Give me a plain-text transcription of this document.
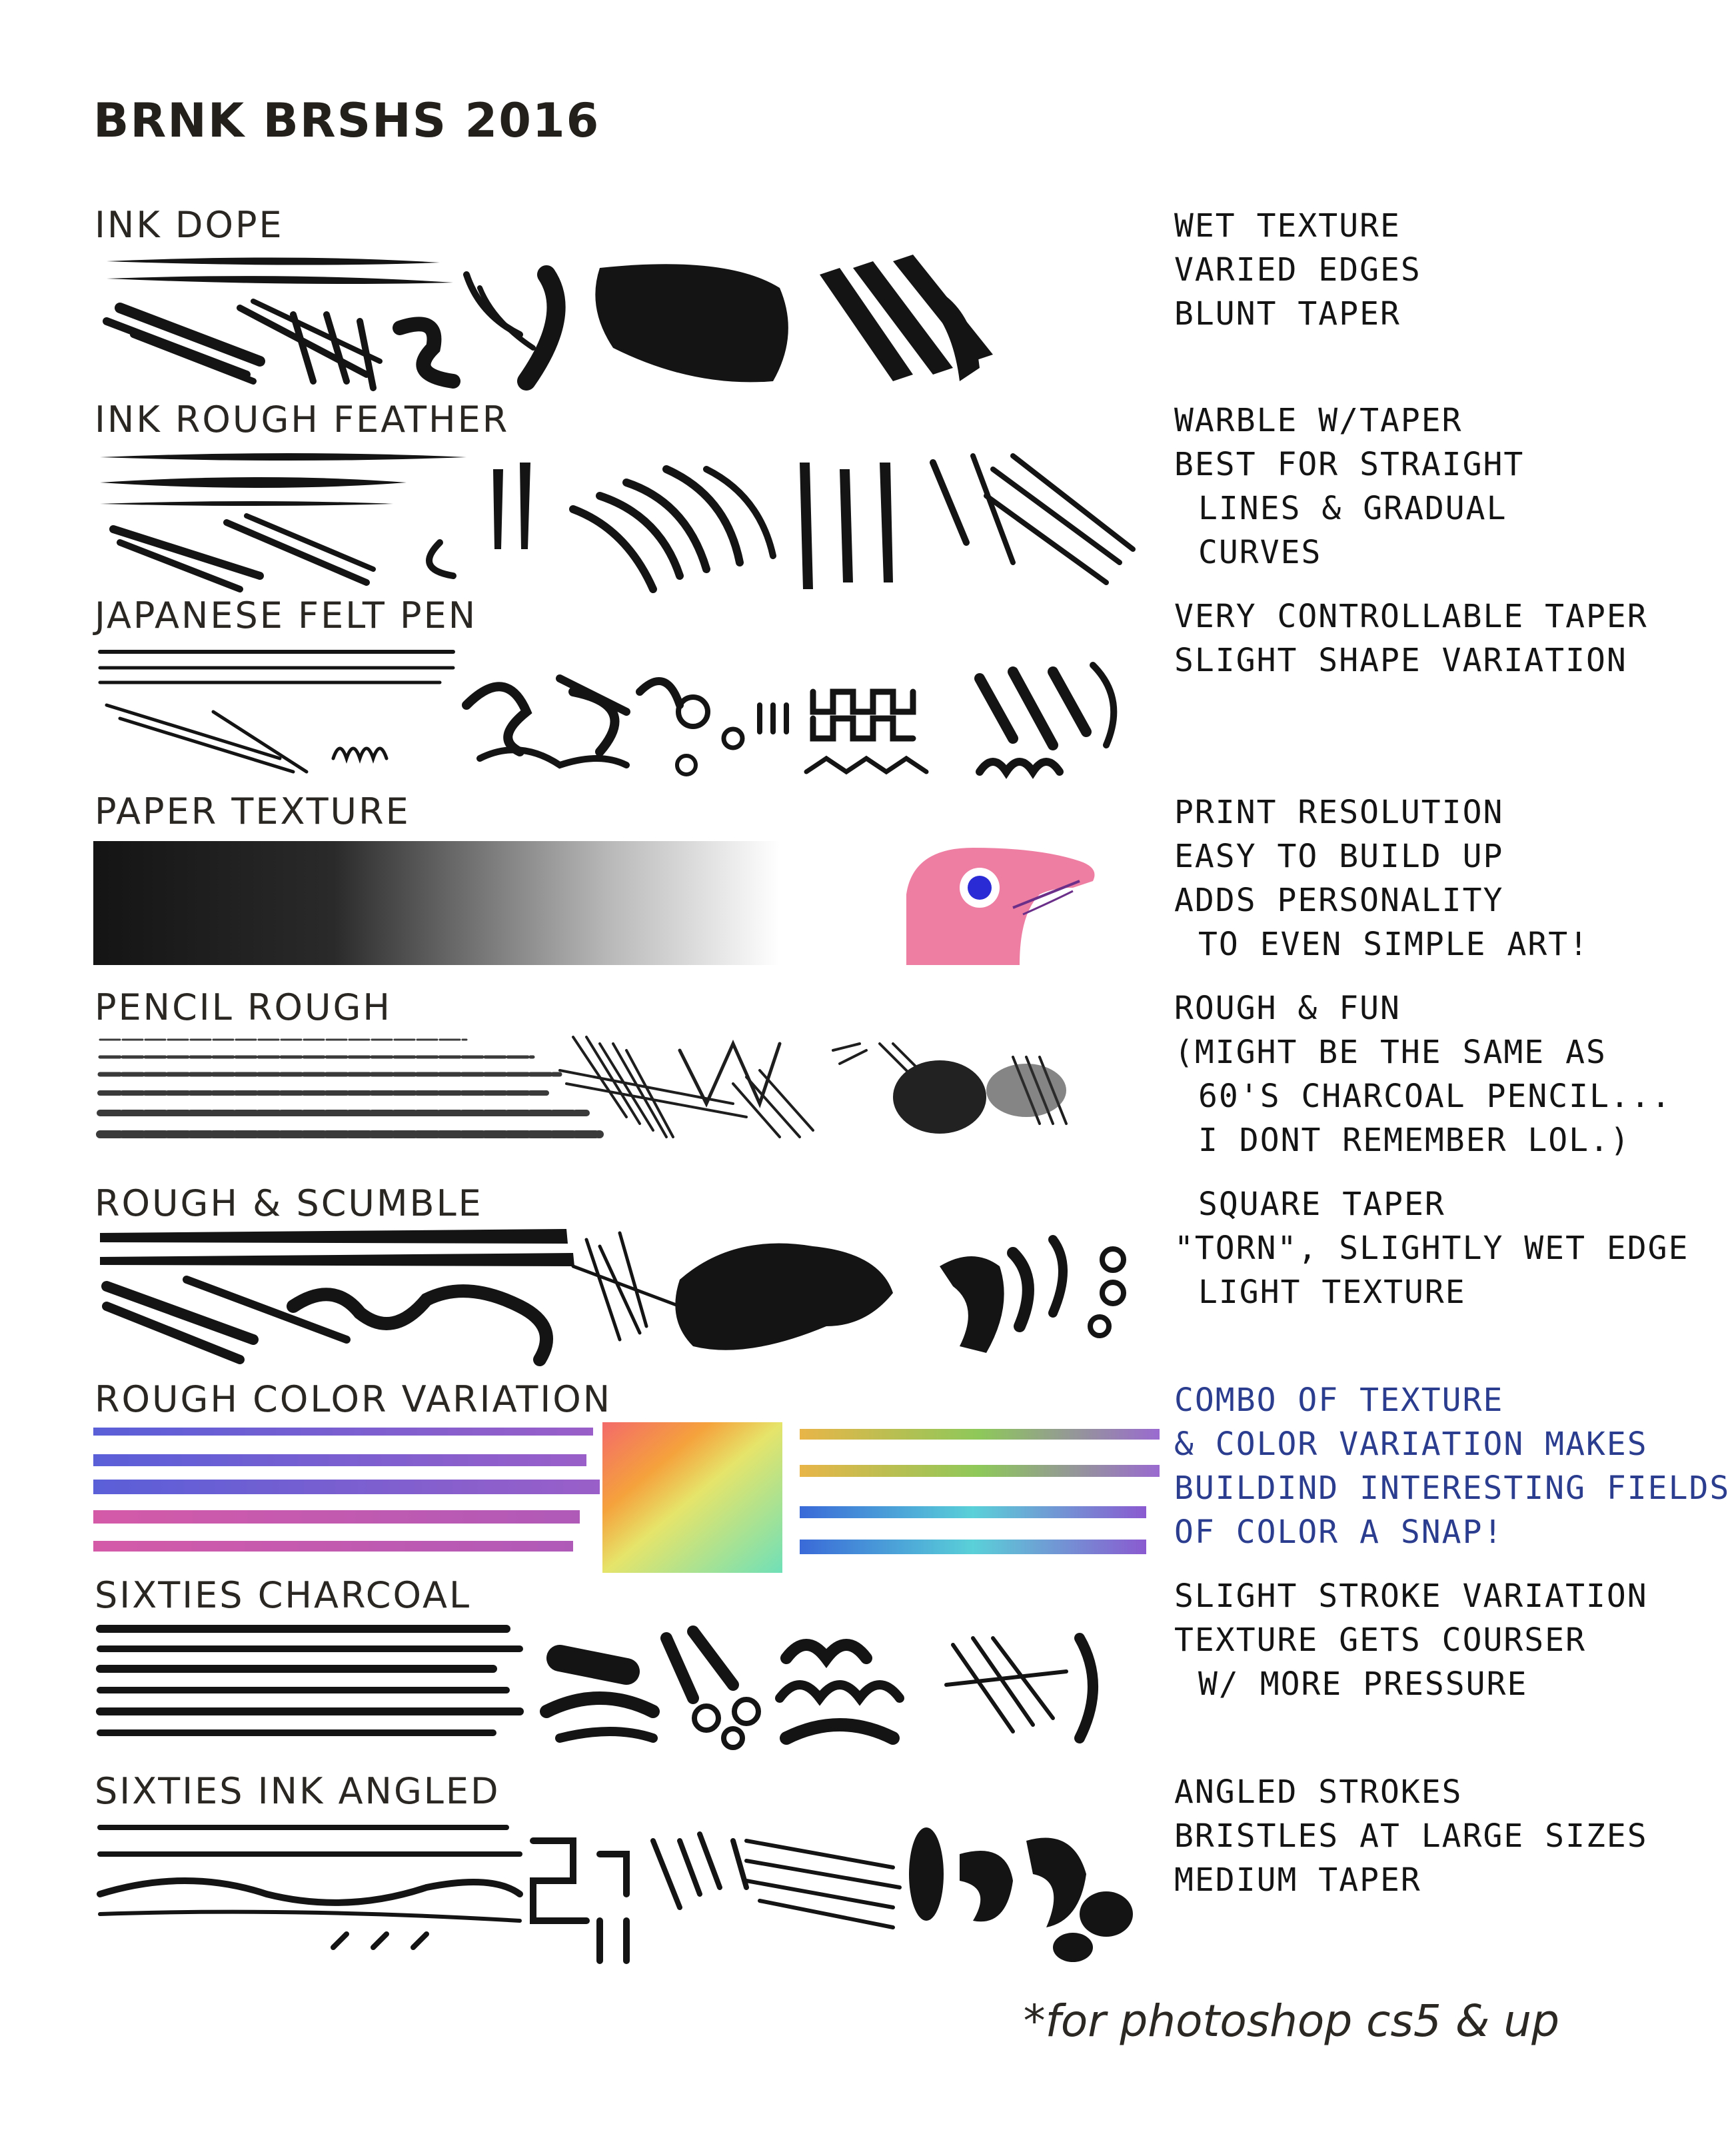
BRNK BRSHS 2016
INK DOPE	WET TEXTURE
VARIED EDGES
BLUNT TAPER
INK ROUGH FEATHER	WARBLE W/TAPER
BEST FOR STRAIGHT
LINES & GRADUAL
CURVES
JAPANESE FELT PEN	VERY CONTROLLABLE TAPER
SLIGHT SHAPE VARIATION
PAPER TEXTURE	PRINT RESOLUTION
EASY TO BUILD UP
ADDS PERSONALITY
TO EVEN SIMPLE ART!
PENCIL ROUGH	ROUGH & FUN
(MIGHT BE THE SAME AS
60'S CHARCOAL PENCIL...
I DONT REMEMBER LOL.)
ROUGH & SCUMBLE	SQUARE TAPER
"TORN", SLIGHTLY WET EDGE
LIGHT TEXTURE
ROUGH COLOR VARIATION	COMBO OF TEXTURE
& COLOR VARIATION MAKES
BUILDIND INTERESTING FIELDS
OF COLOR A SNAP!
SIXTIES CHARCOAL	SLIGHT STROKE VARIATION
TEXTURE GETS COURSER
W/ MORE PRESSURE
SIXTIES INK ANGLED	ANGLED STROKES
BRISTLES AT LARGE SIZES
MEDIUM TAPER
*for photoshop cs5 & up
